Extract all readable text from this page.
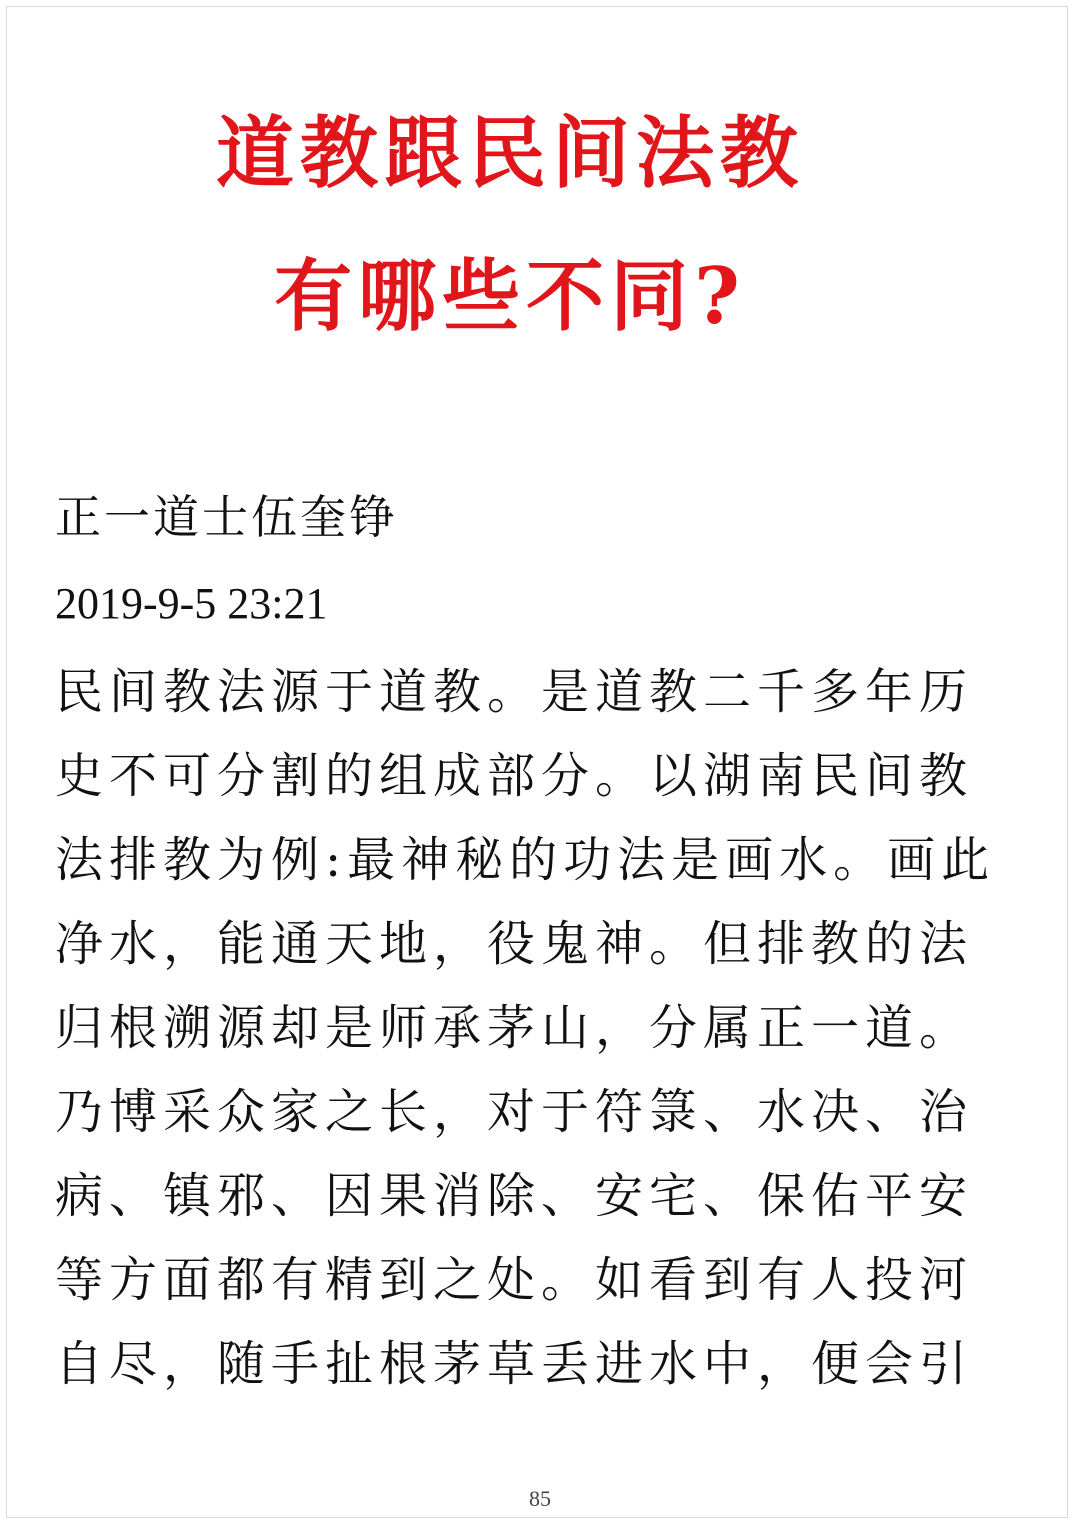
道教跟民间法教
有哪些不同?
正一道士伍奎铮
2019-9-5 23:21
民间教法源于道教。是道教二千多年历
史不可分割的组成部分。以湖南民间教
法排教为例:最神秘的功法是画水。画此
净水，能通天地，役鬼神。但排教的法
归根溯源却是师承茅山，分属正一道。
乃博采众家之长，对于符箓、水决、治
病、镇邪、因果消除、安宅、保佑平安
等方面都有精到之处。如看到有人投河
自尽，随手扯根茅草丢进水中，便会引
85
